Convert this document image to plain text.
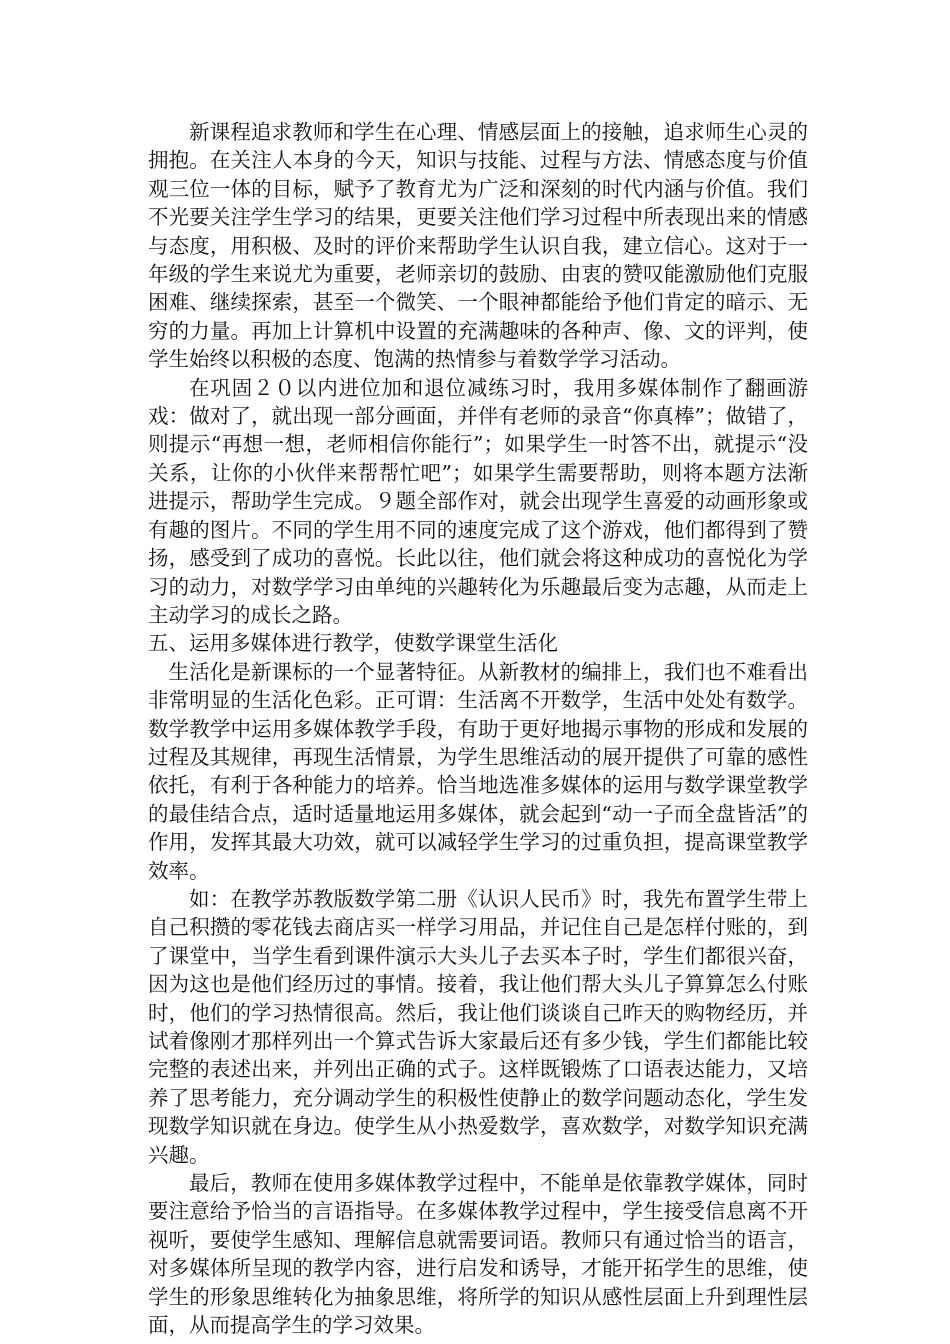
新课程追求教师和学生在心理、情感层面上的接触，追求师生心灵的拥抱。在关注人本身的今天，知识与技能、过程与方法、情感态度与价值观三位一体的目标，赋予了教育尤为广泛和深刻的时代内涵与价值。我们不光要关注学生学习的结果，更要关注他们学习过程中所表现出来的情感与态度，用积极、及时的评价来帮助学生认识自我，建立信心。这对于一年级的学生来说尤为重要，老师亲切的鼓励、由衷的赞叹能激励他们克服困难、继续探索，甚至一个微笑、一个眼神都能给予他们肯定的暗示、无穷的力量。再加上计算机中设置的充满趣味的各种声、像、文的评判，使学生始终以积极的态度、饱满的热情参与着数学学习活动。

在巩固２０以内进位加和退位减练习时，我用多媒体制作了翻画游戏：做对了，就出现一部分画面，并伴有老师的录音“你真棒”；做错了，则提示“再想一想，老师相信你能行”；如果学生一时答不出，就提示“没关系，让你的小伙伴来帮帮忙吧”；如果学生需要帮助，则将本题方法渐进提示，帮助学生完成。９题全部作对，就会出现学生喜爱的动画形象或有趣的图片。不同的学生用不同的速度完成了这个游戏，他们都得到了赞扬，感受到了成功的喜悦。长此以往，他们就会将这种成功的喜悦化为学习的动力，对数学学习由单纯的兴趣转化为乐趣最后变为志趣，从而走上主动学习的成长之路。

五、运用多媒体进行教学，使数学课堂生活化

生活化是新课标的一个显著特征。从新教材的编排上，我们也不难看出非常明显的生活化色彩。正可谓：生活离不开数学，生活中处处有数学。数学教学中运用多媒体教学手段，有助于更好地揭示事物的形成和发展的过程及其规律，再现生活情景，为学生思维活动的展开提供了可靠的感性依托，有利于各种能力的培养。恰当地选准多媒体的运用与数学课堂教学的最佳结合点，适时适量地运用多媒体，就会起到“动一子而全盘皆活”的作用，发挥其最大功效，就可以减轻学生学习的过重负担，提高课堂教学效率。

如：在教学苏教版数学第二册《认识人民币》时，我先布置学生带上自己积攒的零花钱去商店买一样学习用品，并记住自己是怎样付账的，到了课堂中，当学生看到课件演示大头儿子去买本子时，学生们都很兴奋，因为这也是他们经历过的事情。接着，我让他们帮大头儿子算算怎么付账时，他们的学习热情很高。然后，我让他们谈谈自己昨天的购物经历，并试着像刚才那样列出一个算式告诉大家最后还有多少钱，学生们都能比较完整的表述出来，并列出正确的式子。这样既锻炼了口语表达能力，又培养了思考能力，充分调动学生的积极性使静止的数学问题动态化，学生发现数学知识就在身边。使学生从小热爱数学，喜欢数学，对数学知识充满兴趣。

最后，教师在使用多媒体教学过程中，不能单是依靠教学媒体，同时要注意给予恰当的言语指导。在多媒体教学过程中，学生接受信息离不开视听，要使学生感知、理解信息就需要词语。教师只有通过恰当的语言，对多媒体所呈现的教学内容，进行启发和诱导，才能开拓学生的思维，使学生的形象思维转化为抽象思维，将所学的知识从感性层面上升到理性层面，从而提高学生的学习效果。
